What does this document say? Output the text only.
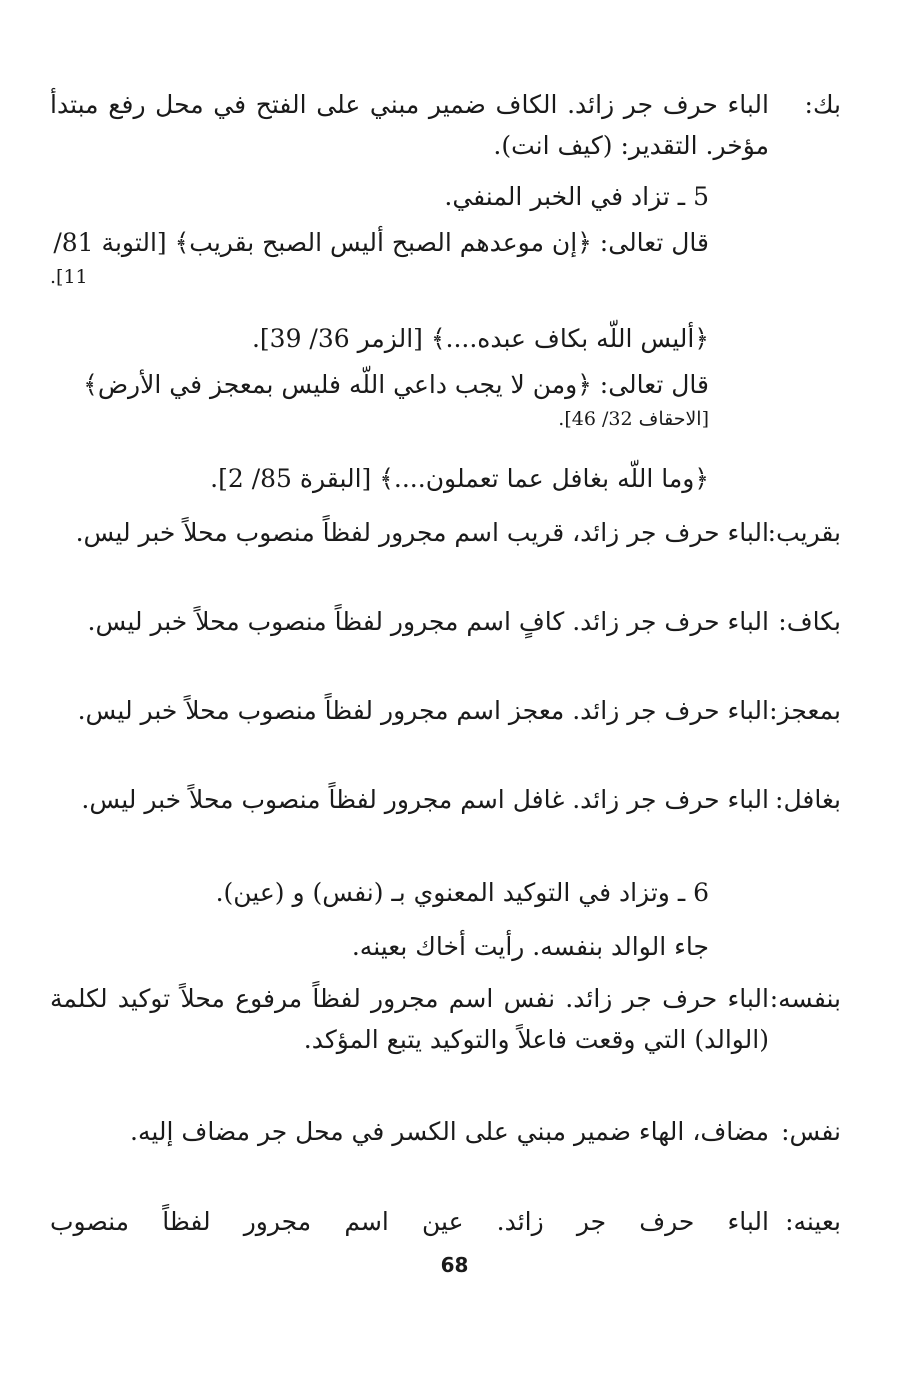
بك:
الباء حرف جر زائد. الكاف ضمير مبني على الفتح في محل رفع مبتدأ مؤخر. التقدير: (كيف انت).
5 ـ تزاد في الخبر المنفي.
قال تعالى: ﴿إن موعدهم الصبح أليس الصبح بقريب﴾ [التوبة 81/
11].
﴿أليس اللّه بكاف عبده....﴾ [الزمر 36/ 39].
قال تعالى: ﴿ومن لا يجب داعي اللّه فليس بمعجز في الأرض﴾
[الاحقاف 32/ 46].
﴿وما اللّه بغافل عما تعملون....﴾ [البقرة 85/ 2].
بقريب:
الباء حرف جر زائد، قريب اسم مجرور لفظاً منصوب محلاً خبر ليس.
بكاف:
الباء حرف جر زائد. كافٍ اسم مجرور لفظاً منصوب محلاً خبر ليس.
بمعجز:
الباء حرف جر زائد. معجز اسم مجرور لفظاً منصوب محلاً خبر ليس.
بغافل:
الباء حرف جر زائد. غافل اسم مجرور لفظاً منصوب محلاً خبر ليس.
6 ـ وتزاد في التوكيد المعنوي بـ (نفس) و (عين).
جاء الوالد بنفسه. رأيت أخاك بعينه.
بنفسه:
الباء حرف جر زائد. نفس اسم مجرور لفظاً مرفوع محلاً توكيد لكلمة (الوالد) التي وقعت فاعلاً والتوكيد يتبع المؤكد.
نفس:
مضاف، الهاء ضمير مبني على الكسر في محل جر مضاف إليه.
بعينه:
الباء حرف جر زائد. عين اسم مجرور لفظاً منصوب
68
